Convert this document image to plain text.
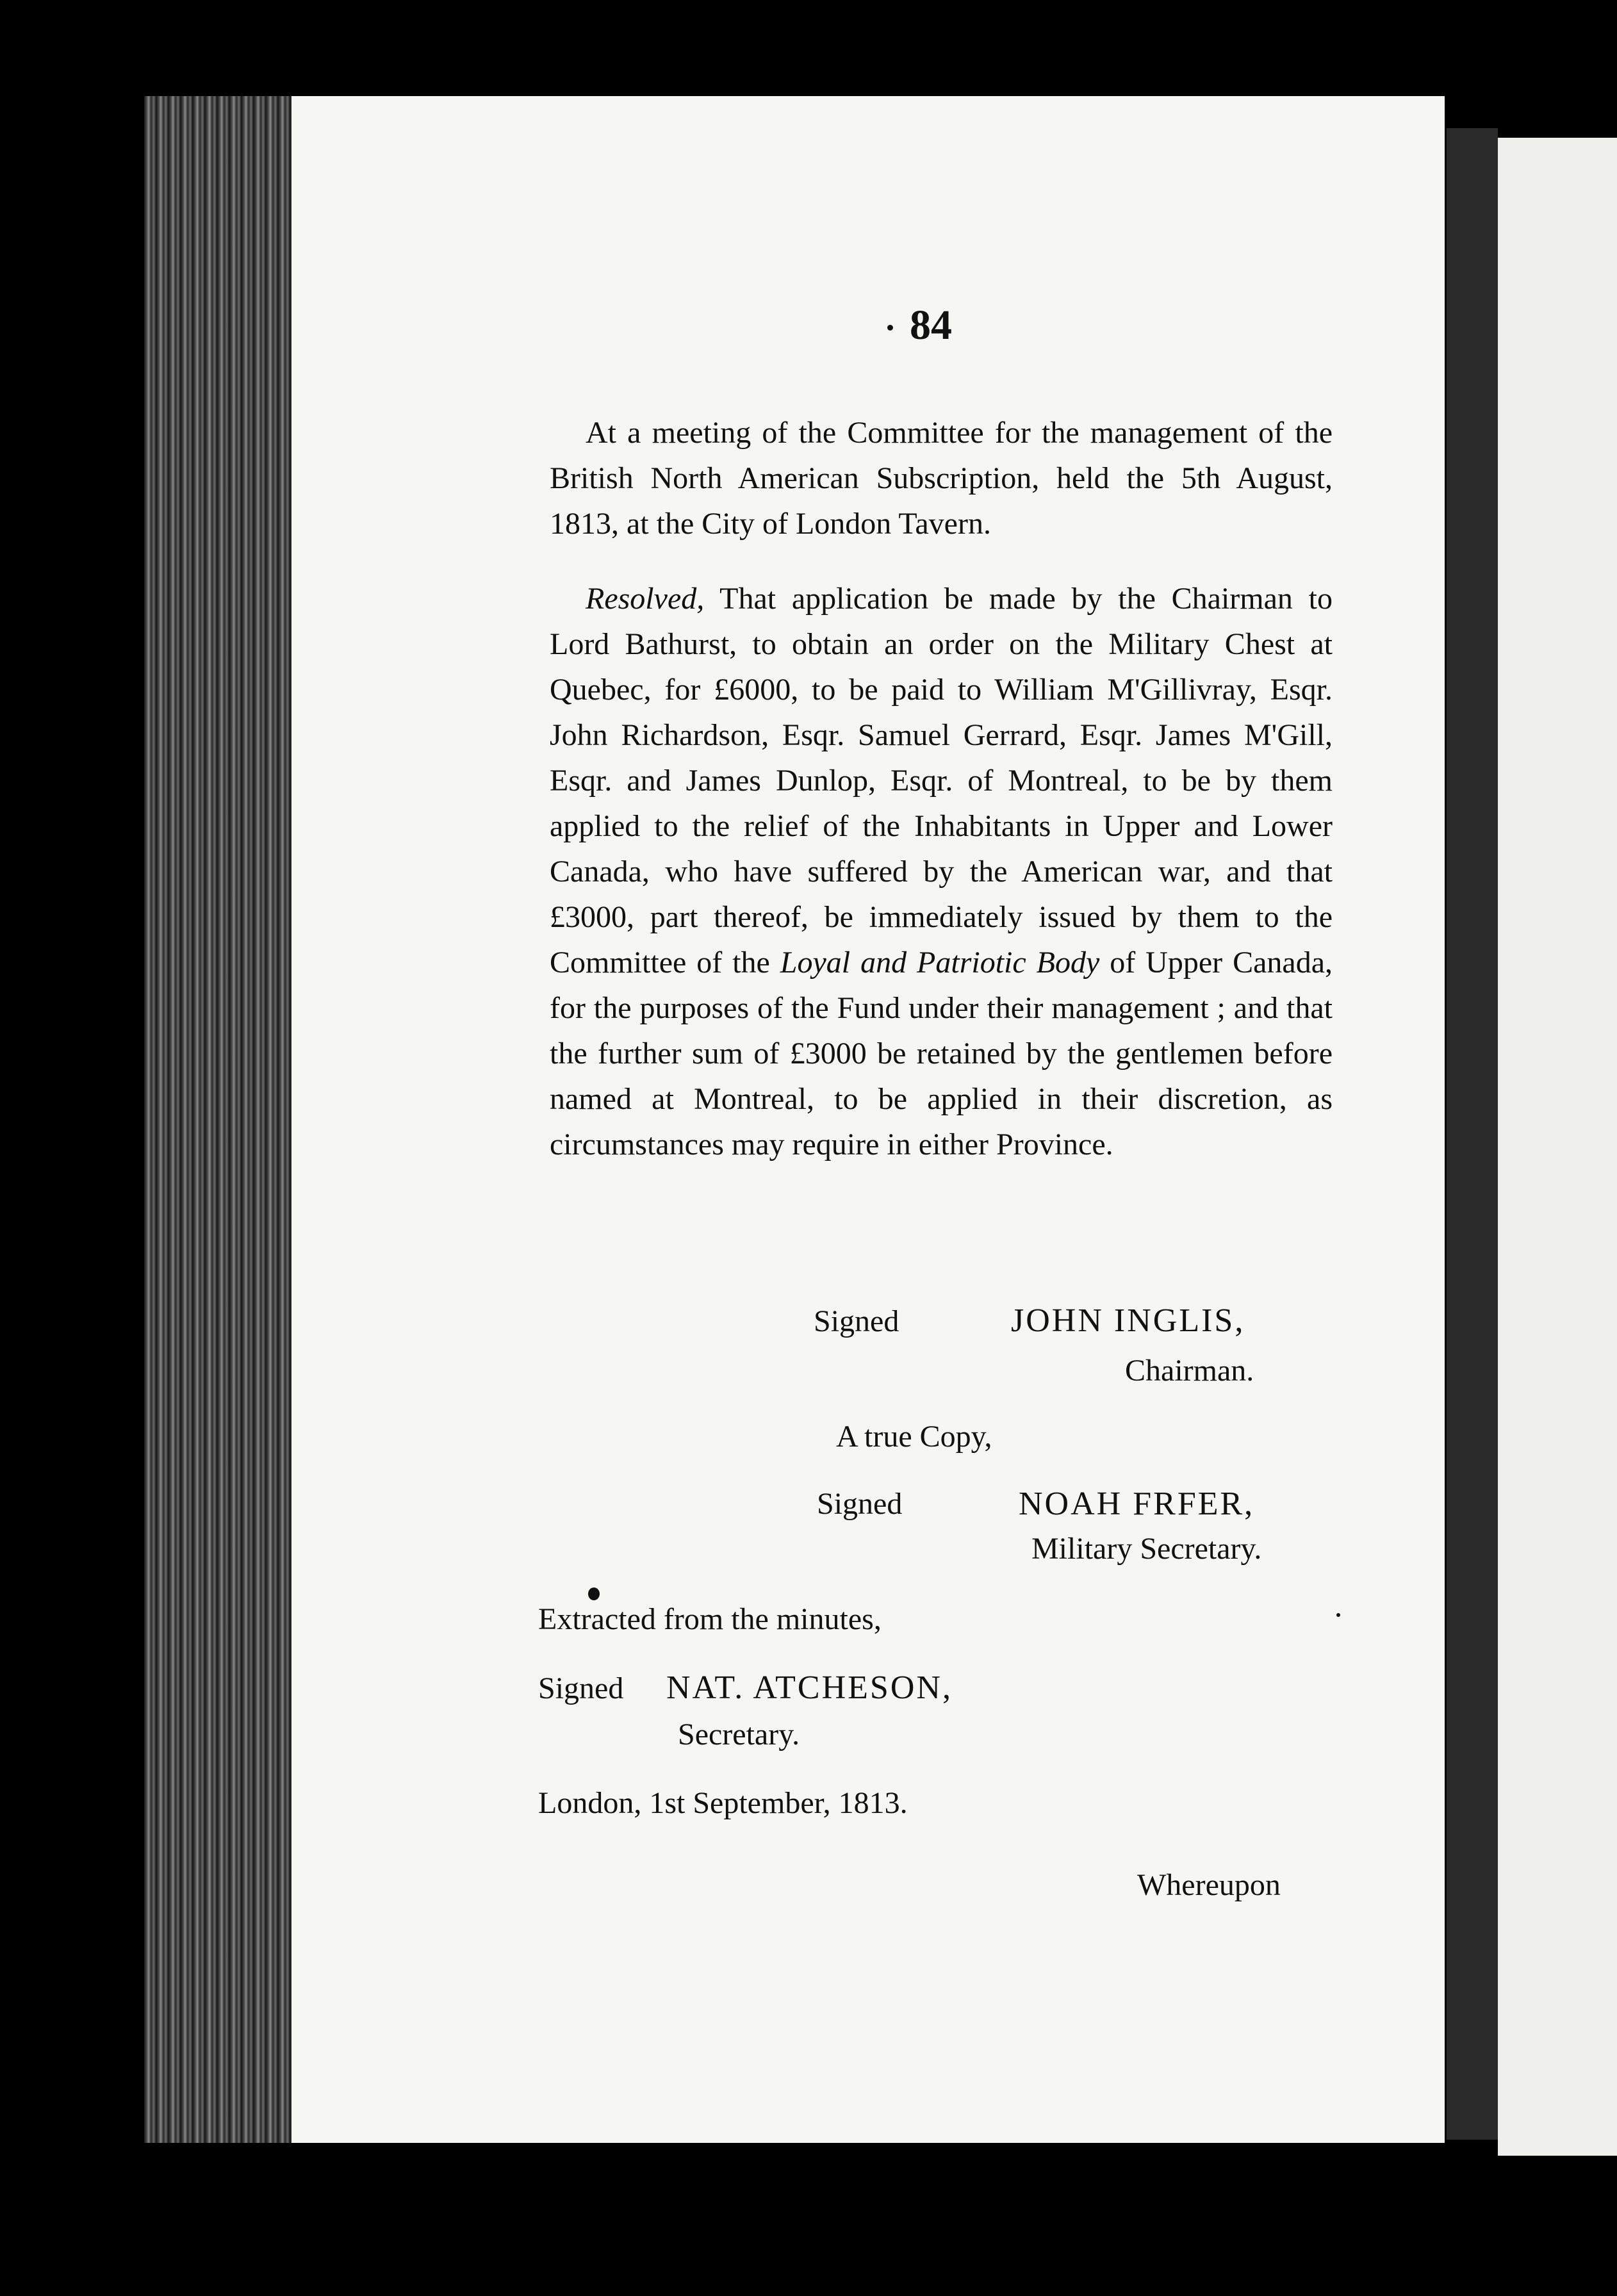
84

At a meeting of the Committee for the management of the British North American Subscription, held the 5th August, 1813, at the City of London Tavern.

Resolved, That application be made by the Chairman to Lord Bathurst, to obtain an order on the Military Chest at Quebec, for £6000, to be paid to William M'Gillivray, Esqr. John Richardson, Esqr. Samuel Gerrard, Esqr. James M'Gill, Esqr. and James Dunlop, Esqr. of Montreal, to be by them applied to the relief of the Inhabitants in Upper and Lower Canada, who have suffered by the American war, and that £3000, part thereof, be immediately issued by them to the Committee of the Loyal and Patriotic Body of Upper Canada, for the purposes of the Fund under their management ; and that the further sum of £3000 be retained by the gentlemen before named at Montreal, to be applied in their discretion, as circumstances may require in either Province.

Signed	JOHN INGLIS,
Chairman.
A true Copy,
Signed	NOAH FRFER,
Military Secretary.
Extracted from the minutes,
Signed NAT. ATCHESON,
Secretary.
London, 1st September, 1813.
Whereupon
